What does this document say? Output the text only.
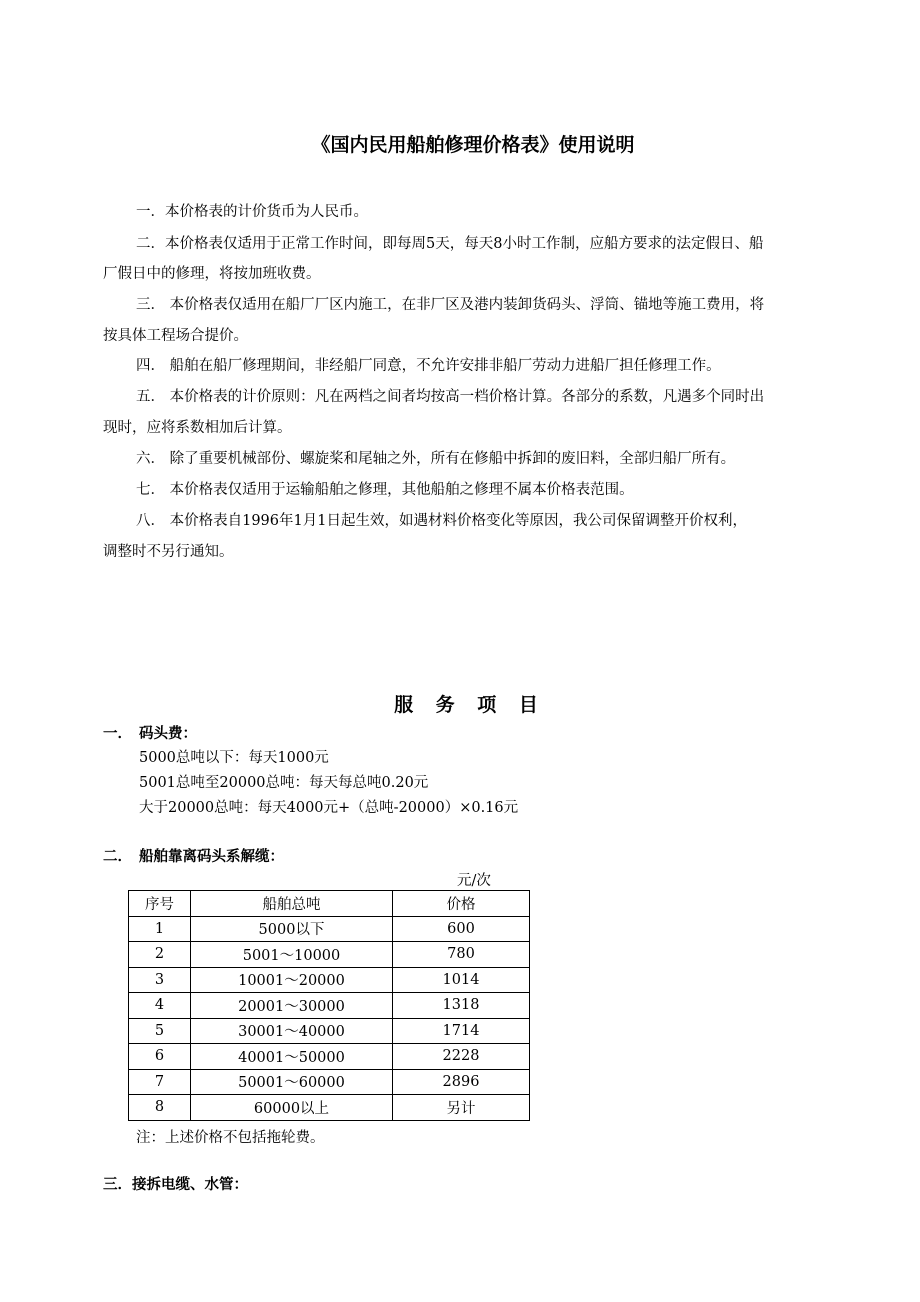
《国内民用船舶修理价格表》使用说明
一．本价格表的计价货币为人民币。
二．本价格表仅适用于正常工作时间，即每周5天，每天8小时工作制，应船方要求的法定假日、船
厂假日中的修理，将按加班收费。
三． 本价格表仅适用在船厂厂区内施工，在非厂区及港内装卸货码头、浮筒、锚地等施工费用，将
按具体工程场合提价。
四． 船舶在船厂修理期间，非经船厂同意，不允许安排非船厂劳动力进船厂担任修理工作。
五． 本价格表的计价原则：凡在两档之间者均按高一档价格计算。各部分的系数，凡遇多个同时出
现时，应将系数相加后计算。
六． 除了重要机械部份、螺旋桨和尾轴之外，所有在修船中拆卸的废旧料，全部归船厂所有。
七． 本价格表仅适用于运输船舶之修理，其他船舶之修理不属本价格表范围。
八． 本价格表自1996年1月1日起生效，如遇材料价格变化等原因，我公司保留调整开价权利，
调整时不另行通知。
服 务 项 目
一． 码头费：
5000总吨以下：每天1000元
5001总吨至20000总吨：每天每总吨0.20元
大于20000总吨：每天4000元+（总吨-20000）×0.16元
二． 船舶靠离码头系解缆：
元/次
序号	船舶总吨	价格
1	5000以下	600
2	5001～10000	780
3	10001～20000	1014
4	20001～30000	1318
5	30001～40000	1714
6	40001～50000	2228
7	50001～60000	2896
8	60000以上	另计
注：上述价格不包括拖轮费。
三．接拆电缆、水管：
